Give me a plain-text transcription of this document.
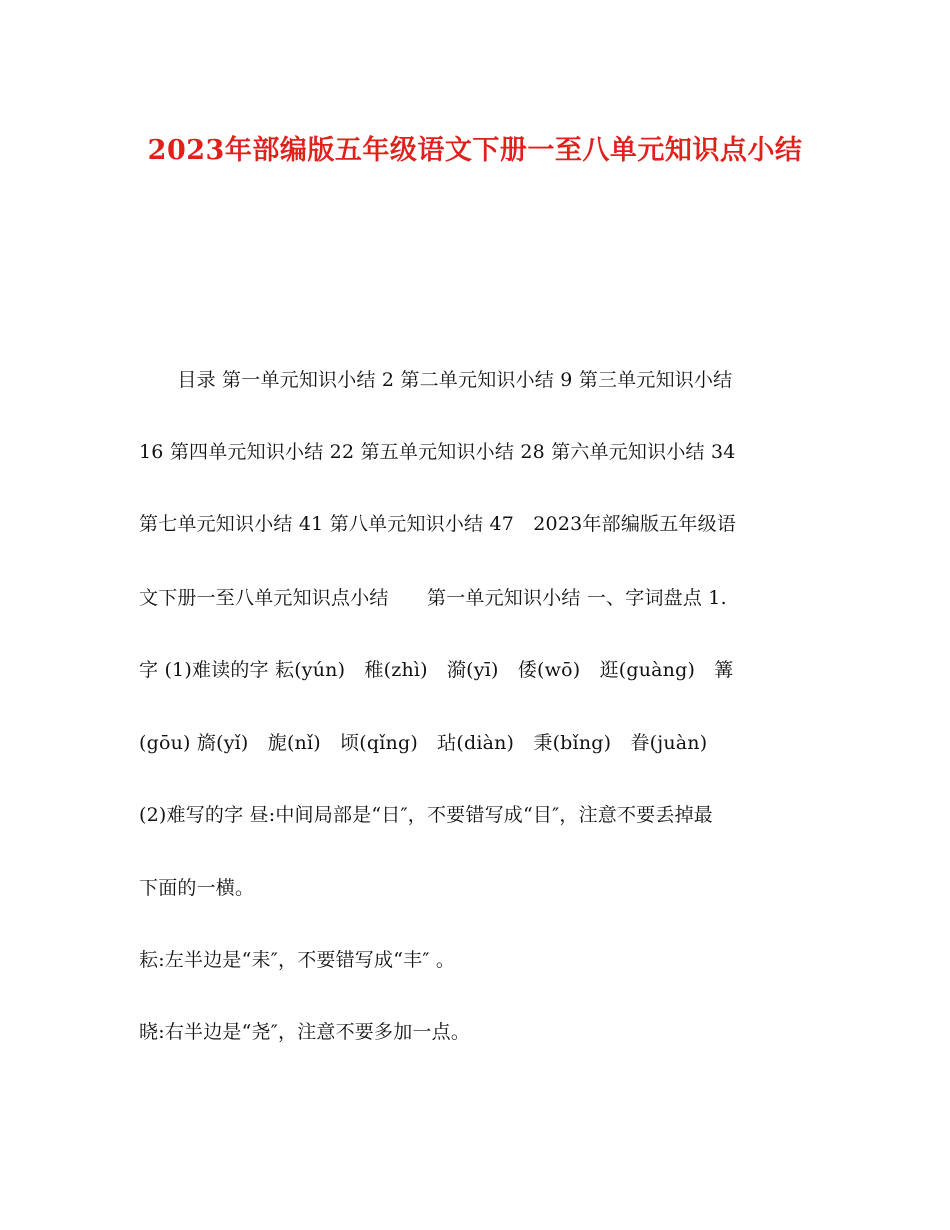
2023年部编版五年级语文下册一至八单元知识点小结
　　目录 第一单元知识小结 2 第二单元知识小结 9 第三单元知识小结
16 第四单元知识小结 22 第五单元知识小结 28 第六单元知识小结 34
第七单元知识小结 41 第八单元知识小结 47　2023年部编版五年级语
文下册一至八单元知识点小结　　第一单元知识小结 一、字词盘点 1.
字 (1)难读的字 耘(yún)　稚(zhì)　漪(yī)　倭(wō)　逛(guàng)　篝
(gōu) 旖(yǐ)　旎(nǐ)　顷(qǐng)　玷(diàn)　秉(bǐng)　眷(juàn)
(2)难写的字 昼:中间局部是“日″，不要错写成“目″，注意不要丢掉最
下面的一横。
耘:左半边是“耒″，不要错写成“丰″ 。
晓:右半边是“尧″，注意不要多加一点。
